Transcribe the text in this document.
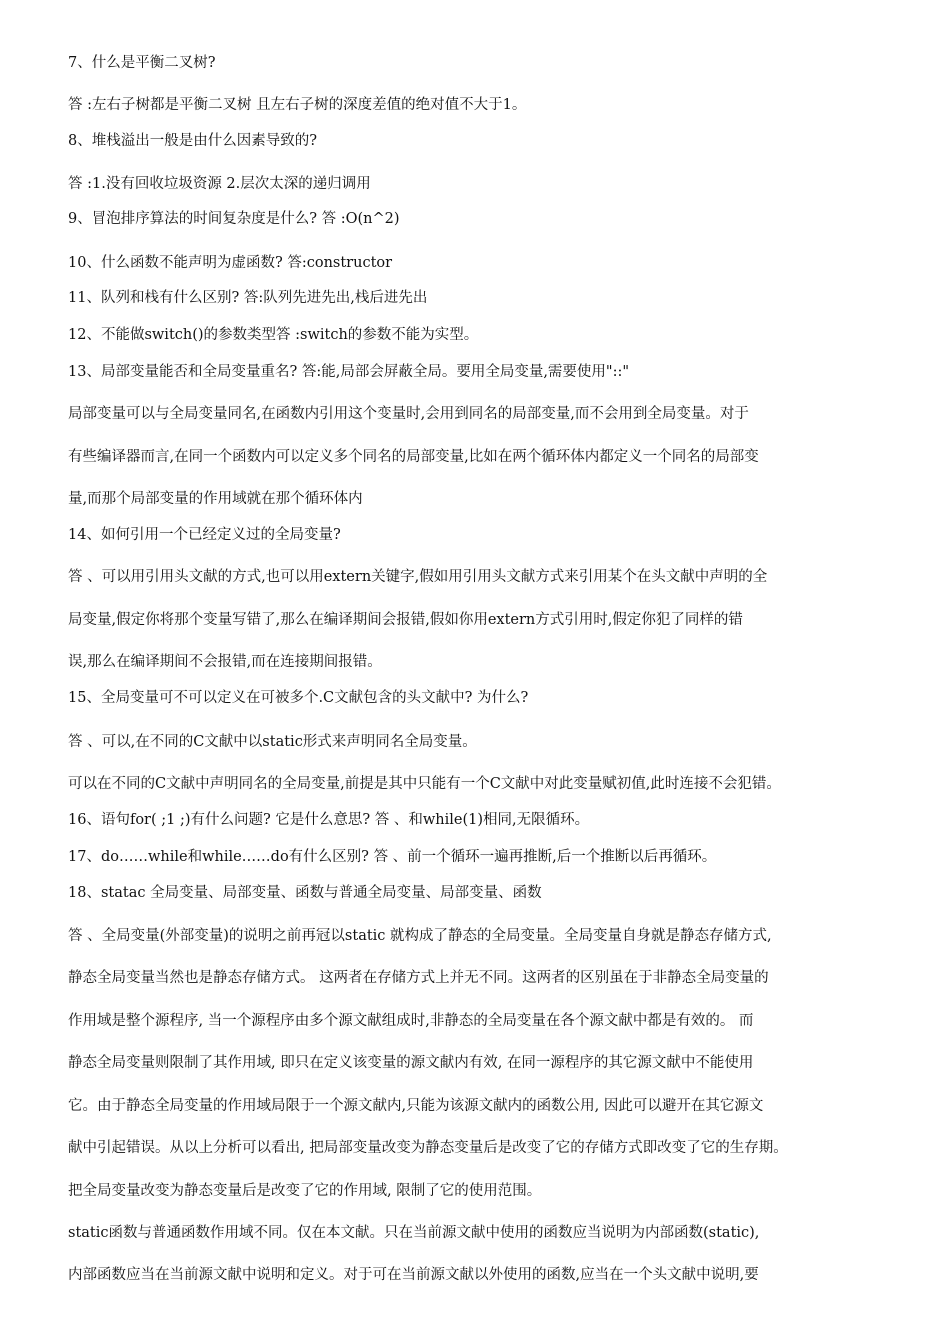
7、什么是平衡二叉树?
答 :左右子树都是平衡二叉树 且左右子树的深度差值的绝对值不大于1。
8、堆栈溢出一般是由什么因素导致的?
答 :1.没有回收垃圾资源 2.层次太深的递归调用
9、冒泡排序算法的时间复杂度是什么? 答 :O(n^2)
10、什么函数不能声明为虚函数? 答:constructor
11、队列和栈有什么区别? 答:队列先进先出,栈后进先出
12、不能做switch()的参数类型答 :switch的参数不能为实型。
13、局部变量能否和全局变量重名? 答:能,局部会屏蔽全局。要用全局变量,需要使用"::"
局部变量可以与全局变量同名,在函数内引用这个变量时,会用到同名的局部变量,而不会用到全局变量。对于
有些编译器而言,在同一个函数内可以定义多个同名的局部变量,比如在两个循环体内都定义一个同名的局部变
量,而那个局部变量的作用域就在那个循环体内
14、如何引用一个已经定义过的全局变量?
答 、可以用引用头文献的方式,也可以用extern关键字,假如用引用头文献方式来引用某个在头文献中声明的全
局变量,假定你将那个变量写错了,那么在编译期间会报错,假如你用extern方式引用时,假定你犯了同样的错
误,那么在编译期间不会报错,而在连接期间报错。
15、全局变量可不可以定义在可被多个.C文献包含的头文献中? 为什么?
答 、可以,在不同的C文献中以static形式来声明同名全局变量。
可以在不同的C文献中声明同名的全局变量,前提是其中只能有一个C文献中对此变量赋初值,此时连接不会犯错。
16、语句for( ;1 ;)有什么问题? 它是什么意思? 答 、和while(1)相同,无限循环。
17、do……while和while……do有什么区别? 答 、前一个循环一遍再推断,后一个推断以后再循环。
18、statac 全局变量、局部变量、函数与普通全局变量、局部变量、函数
答 、全局变量(外部变量)的说明之前再冠以static 就构成了静态的全局变量。全局变量自身就是静态存储方式,
静态全局变量当然也是静态存储方式。 这两者在存储方式上并无不同。这两者的区别虽在于非静态全局变量的
作用域是整个源程序, 当一个源程序由多个源文献组成时,非静态的全局变量在各个源文献中都是有效的。 而
静态全局变量则限制了其作用域, 即只在定义该变量的源文献内有效, 在同一源程序的其它源文献中不能使用
它。由于静态全局变量的作用域局限于一个源文献内,只能为该源文献内的函数公用, 因此可以避开在其它源文
献中引起错误。从以上分析可以看出, 把局部变量改变为静态变量后是改变了它的存储方式即改变了它的生存期。
把全局变量改变为静态变量后是改变了它的作用域, 限制了它的使用范围。
static函数与普通函数作用域不同。仅在本文献。只在当前源文献中使用的函数应当说明为内部函数(static),
内部函数应当在当前源文献中说明和定义。对于可在当前源文献以外使用的函数,应当在一个头文献中说明,要
